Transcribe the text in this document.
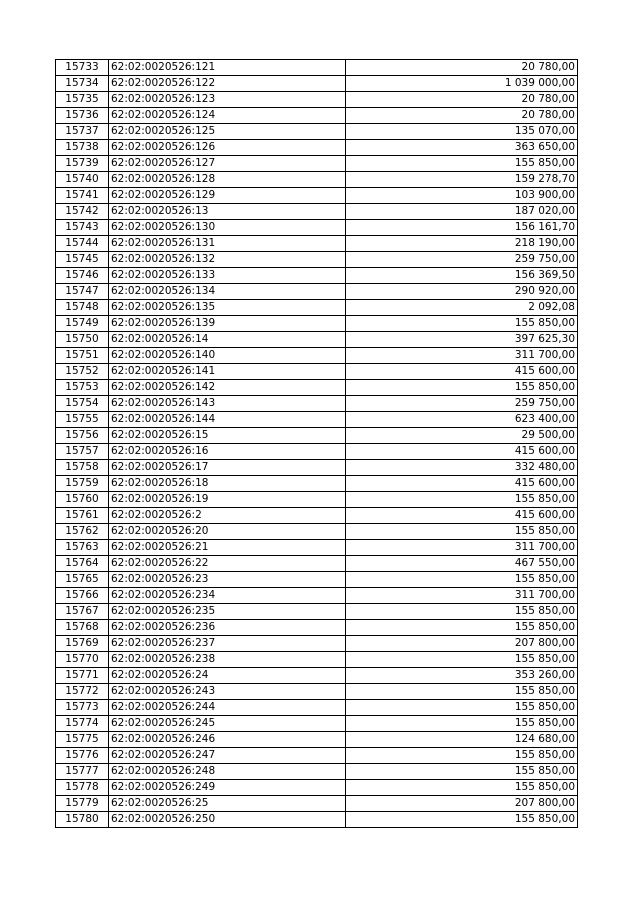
15733	62:02:0020526:121	20 780,00
15734	62:02:0020526:122	1 039 000,00
15735	62:02:0020526:123	20 780,00
15736	62:02:0020526:124	20 780,00
15737	62:02:0020526:125	135 070,00
15738	62:02:0020526:126	363 650,00
15739	62:02:0020526:127	155 850,00
15740	62:02:0020526:128	159 278,70
15741	62:02:0020526:129	103 900,00
15742	62:02:0020526:13	187 020,00
15743	62:02:0020526:130	156 161,70
15744	62:02:0020526:131	218 190,00
15745	62:02:0020526:132	259 750,00
15746	62:02:0020526:133	156 369,50
15747	62:02:0020526:134	290 920,00
15748	62:02:0020526:135	2 092,08
15749	62:02:0020526:139	155 850,00
15750	62:02:0020526:14	397 625,30
15751	62:02:0020526:140	311 700,00
15752	62:02:0020526:141	415 600,00
15753	62:02:0020526:142	155 850,00
15754	62:02:0020526:143	259 750,00
15755	62:02:0020526:144	623 400,00
15756	62:02:0020526:15	29 500,00
15757	62:02:0020526:16	415 600,00
15758	62:02:0020526:17	332 480,00
15759	62:02:0020526:18	415 600,00
15760	62:02:0020526:19	155 850,00
15761	62:02:0020526:2	415 600,00
15762	62:02:0020526:20	155 850,00
15763	62:02:0020526:21	311 700,00
15764	62:02:0020526:22	467 550,00
15765	62:02:0020526:23	155 850,00
15766	62:02:0020526:234	311 700,00
15767	62:02:0020526:235	155 850,00
15768	62:02:0020526:236	155 850,00
15769	62:02:0020526:237	207 800,00
15770	62:02:0020526:238	155 850,00
15771	62:02:0020526:24	353 260,00
15772	62:02:0020526:243	155 850,00
15773	62:02:0020526:244	155 850,00
15774	62:02:0020526:245	155 850,00
15775	62:02:0020526:246	124 680,00
15776	62:02:0020526:247	155 850,00
15777	62:02:0020526:248	155 850,00
15778	62:02:0020526:249	155 850,00
15779	62:02:0020526:25	207 800,00
15780	62:02:0020526:250	155 850,00
